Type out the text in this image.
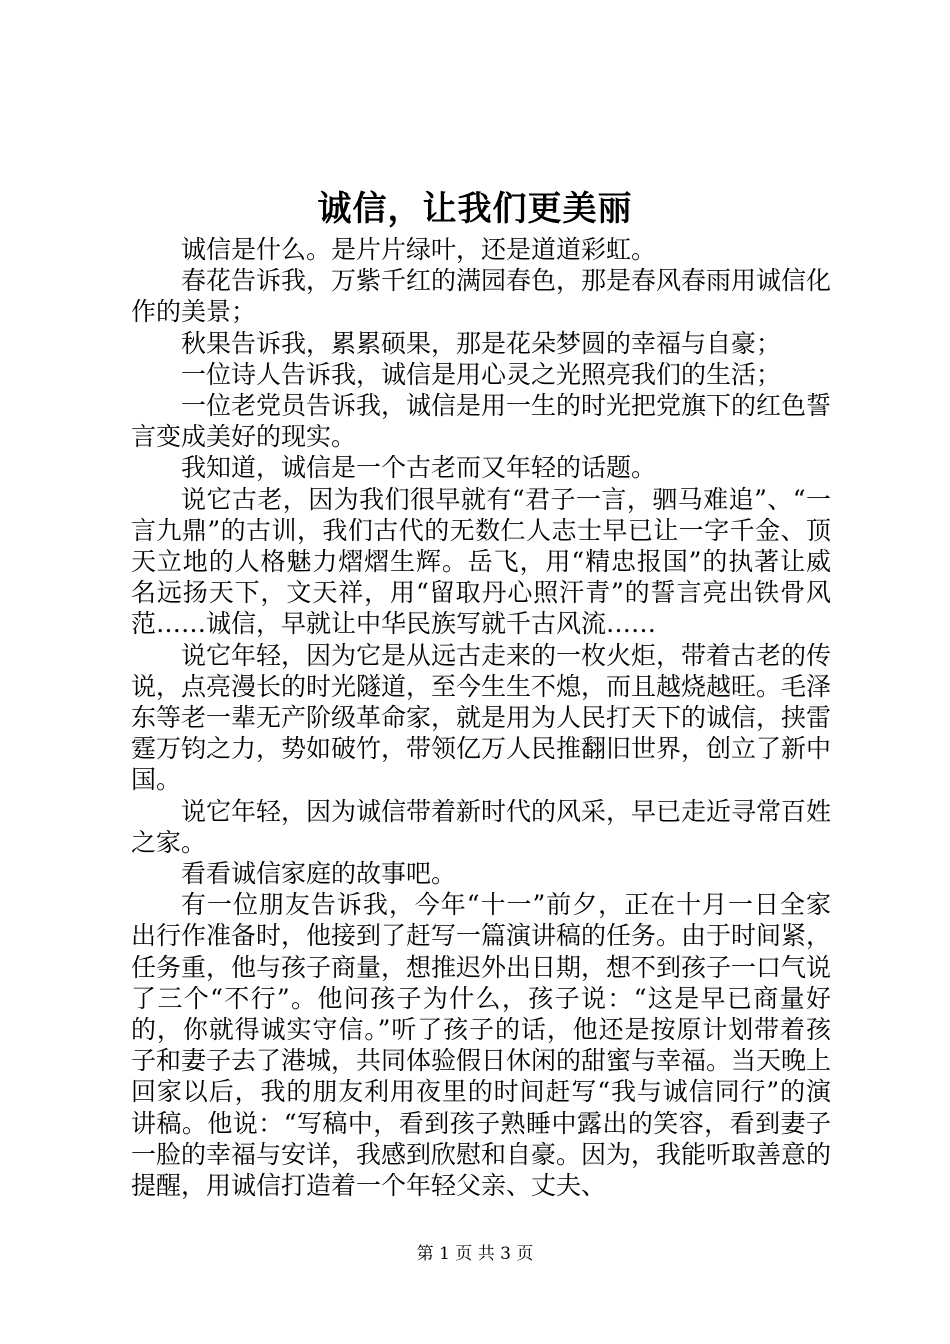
诚信，让我们更美丽

诚信是什么。是片片绿叶，还是道道彩虹。

春花告诉我，万紫千红的满园春色，那是春风春雨用诚信化作的美景；

秋果告诉我，累累硕果，那是花朵梦圆的幸福与自豪；

一位诗人告诉我，诚信是用心灵之光照亮我们的生活；

一位老党员告诉我，诚信是用一生的时光把党旗下的红色誓言变成美好的现实。

我知道，诚信是一个古老而又年轻的话题。

说它古老，因为我们很早就有“君子一言，驷马难追”、“一言九鼎”的古训，我们古代的无数仁人志士早已让一字千金、顶天立地的人格魅力熠熠生辉。岳飞，用“精忠报国”的执著让威名远扬天下，文天祥，用“留取丹心照汗青”的誓言亮出铁骨风范……诚信，早就让中华民族写就千古风流……

说它年轻，因为它是从远古走来的一枚火炬，带着古老的传说，点亮漫长的时光隧道，至今生生不熄，而且越烧越旺。毛泽东等老一辈无产阶级革命家，就是用为人民打天下的诚信，挟雷霆万钧之力，势如破竹，带领亿万人民推翻旧世界，创立了新中国。

说它年轻，因为诚信带着新时代的风采，早已走近寻常百姓之家。

看看诚信家庭的故事吧。

有一位朋友告诉我，今年“十一”前夕，正在十月一日全家出行作准备时，他接到了赶写一篇演讲稿的任务。由于时间紧，任务重，他与孩子商量，想推迟外出日期，想不到孩子一口气说了三个“不行”。他问孩子为什么，孩子说：“这是早已商量好的，你就得诚实守信。”听了孩子的话，他还是按原计划带着孩子和妻子去了港城，共同体验假日休闲的甜蜜与幸福。当天晚上回家以后，我的朋友利用夜里的时间赶写“我与诚信同行”的演讲稿。他说：“写稿中，看到孩子熟睡中露出的笑容，看到妻子一脸的幸福与安详，我感到欣慰和自豪。因为，我能听取善意的提醒，用诚信打造着一个年轻父亲、丈夫、

第 1 页 共 3 页
